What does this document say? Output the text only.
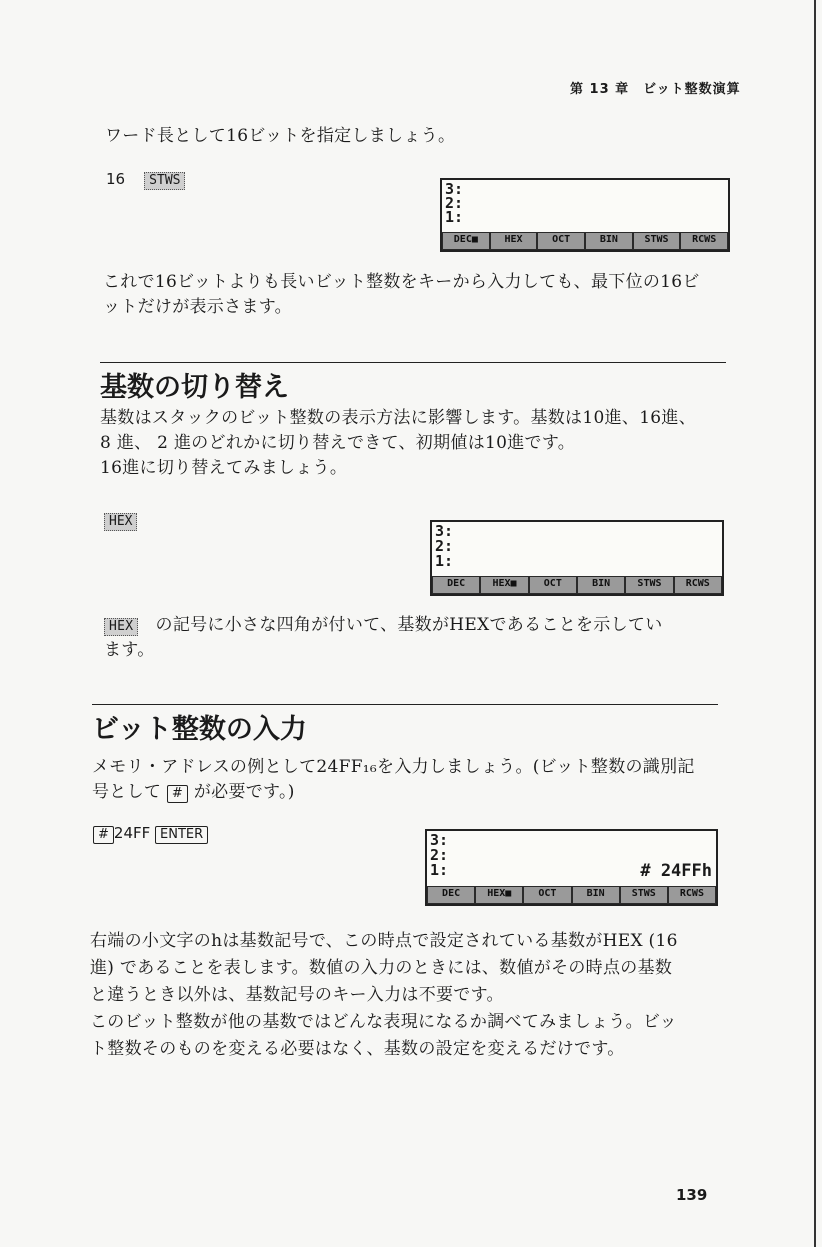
第 13 章　ビット整数演算
ワード長として16ビットを指定しましょう。
16 STWS	3:
2:
1:
DEC■	HEX	OCT	BIN	STWS	RCWS
これで16ビットよりも長いビット整数をキーから入力しても、最下位の16ビ
ットだけが表示さます。
基数の切り替え
基数はスタックのビット整数の表示方法に影響します。基数は10進、16進、
8 進、 2 進のどれかに切り替えできて、初期値は10進です。
16進に切り替えてみましょう。
HEX
3:
2:
1:
DEC	HEX■	OCT	BIN	STWS	RCWS
HEX の記号に小さな四角が付いて、基数がHEXであることを示してい
ます。
ビット整数の入力
メモリ・アドレスの例として24FF₁₆を入力しましょう。(ビット整数の識別記
号として # が必要です。)
# 24FF ENTER	3:
2:
1:	# 24FFh
DEC	HEX■	OCT	BIN	STWS	RCWS
右端の小文字のhは基数記号で、この時点で設定されている基数がHEX (16
進) であることを表します。数値の入力のときには、数値がその時点の基数
と違うとき以外は、基数記号のキー入力は不要です。
このビット整数が他の基数ではどんな表現になるか調べてみましょう。ビッ
ト整数そのものを変える必要はなく、基数の設定を変えるだけです。
139
